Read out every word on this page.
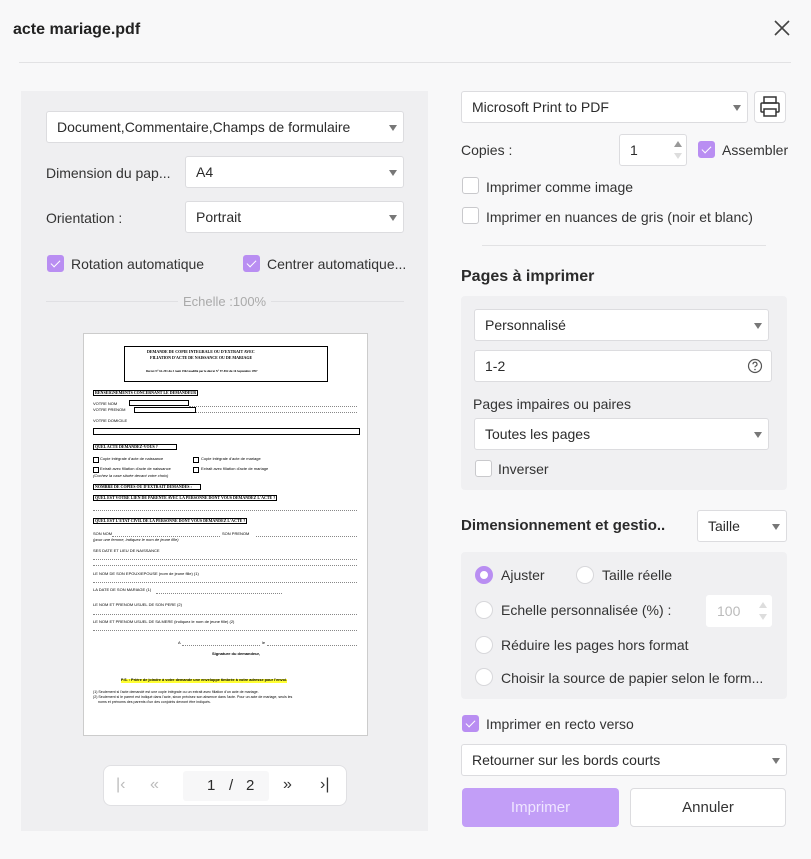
acte mariage.pdf
Document,Commentaire,Champs de formulaire
Dimension du pap...	A4
Orientation :	Portrait
Rotation automatique	Centrer automatique...
Echelle :100%
DEMANDE DE COPIE INTEGRALE OU D'EXTRAIT AVEC
FILIATION D'ACTE DE NAISSANCE OU DE MARIAGE
Décret N° 62-291 du 3 Août 1962 modifié par le décret N° 97-852 du 16 Septembre 1997
RENSEIGNEMENTS CONCERNANT LE DEMANDEUR
VOTRE NOM
VOTRE PRENOM
VOTRE DOMICILE
QUEL ACTE DEMANDEZ-VOUS ?
Copie intégrale d'acte de naissance	Copie intégrale d'acte de mariage
Extrait avec filiation d'acte de naissance	Extrait avec filiation d'acte de mariage
(Cochez la case située devant votre choix)
NOMBRE DE COPIES OU D'EXTRAIT DEMANDES :
QUEL EST VOTRE LIEN DE PARENTE AVEC LA PERSONNE DONT VOUS DEMANDEZ L'ACTE ?
QUEL EST L'ETAT CIVIL DE LA PERSONNE DONT VOUS DEMANDEZ L'ACTE ?
SON NOM	SON PRENOM
(pour une femme, indiquez le nom de jeune fille)
SES DATE ET LIEU DE NAISSANCE
LE NOM DE SON EPOUX/EPOUSE (nom de jeune fille) (1)
LA DATE DE SON MARIAGE (1)
LE NOM ET PRENOM USUEL DE SON PERE (2)
LE NOM ET PRENOM USUEL DE SA MERE (indiquez le nom de jeune fille) (2)
A	le
Signature du demandeur,
P.S. : Prière de joindre à votre demande une enveloppe timbrée à votre adresse pour l'envoi.
(1) Seulement si l'acte demandé est une copie intégrale ou un extrait avec filiation d'un acte de mariage.
(2) Seulement si le parent est indiqué dans l'acte, sinon précisez son absence dans l'acte. Pour un acte de mariage, seuls les
noms et prénoms des parents d'un des conjoints devront être indiqués.
|‹ «	1 / 2 » ›|
Microsoft Print to PDF
Copies :	1	Assembler
Imprimer comme image
Imprimer en nuances de gris (noir et blanc)
Pages à imprimer
Personnalisé
1-2
Pages impaires ou paires
Toutes les pages
Inverser
Dimensionnement et gestio..	Taille
Ajuster	Taille réelle
Echelle personnalisée (%) :	100
Réduire les pages hors format
Choisir la source de papier selon le form...
Imprimer en recto verso
Retourner sur les bords courts
Imprimer	Annuler
